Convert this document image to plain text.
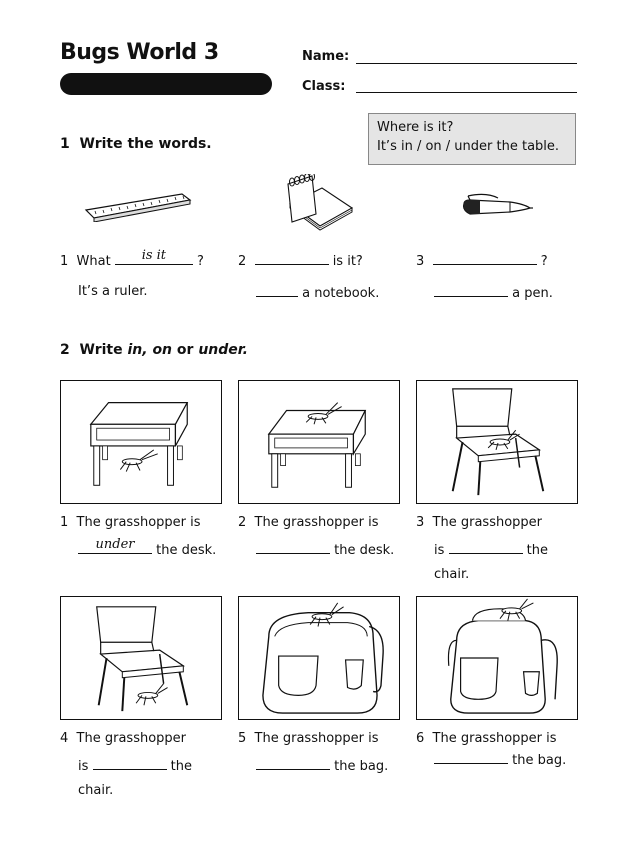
Bugs World 3	Name:
Class:
Where is it?
It’s in / on / under the table.
1 Write the words.
1 What	is it	?
It’s a ruler.
2	is it?
a notebook.
3	?
a pen.
2 Write in, on or under.
1 The grasshopper is
under	the desk.
2 The grasshopper is
the desk.
3 The grasshopper
is	the
chair.
4 The grasshopper
is	the
chair.
5 The grasshopper is
the bag.
6 The grasshopper is
the bag.
